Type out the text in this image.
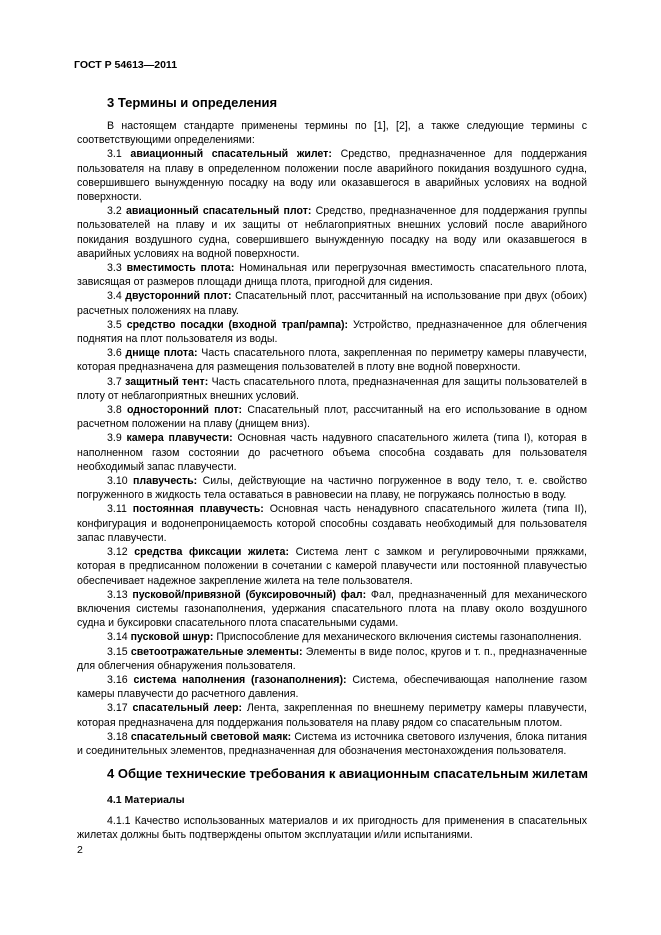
ГОСТ Р 54613—2011
3 Термины и определения

В настоящем стандарте применены термины по [1], [2], а также следующие термины с соответствующими определениями:

3.1 авиационный спасательный жилет: Средство, предназначенное для поддержания пользователя на плаву в определенном положении после аварийного покидания воздушного судна, совершившего вынужденную посадку на воду или оказавшегося в аварийных условиях на водной поверхности.

3.2 авиационный спасательный плот: Средство, предназначенное для поддержания группы пользователей на плаву и их защиты от неблагоприятных внешних условий после аварийного покидания воздушного судна, совершившего вынужденную посадку на воду или оказавшегося в аварийных условиях на водной поверхности.

3.3 вместимость плота: Номинальная или перегрузочная вместимость спасательного плота, зависящая от размеров площади днища плота, пригодной для сидения.

3.4 двусторонний плот: Спасательный плот, рассчитанный на использование при двух (обоих) расчетных положениях на плаву.

3.5 средство посадки (входной трап/рампа): Устройство, предназначенное для облегчения поднятия на плот пользователя из воды.

3.6 днище плота: Часть спасательного плота, закрепленная по периметру камеры плавучести, которая предназначена для размещения пользователей в плоту вне водной поверхности.

3.7 защитный тент: Часть спасательного плота, предназначенная для защиты пользователей в плоту от неблагоприятных внешних условий.

3.8 односторонний плот: Спасательный плот, рассчитанный на его использование в одном расчетном положении на плаву (днищем вниз).

3.9 камера плавучести: Основная часть надувного спасательного жилета (типа I), которая в наполненном газом состоянии до расчетного объема способна создавать для пользователя необходимый запас плавучести.

3.10 плавучесть: Силы, действующие на частично погруженное в воду тело, т. е. свойство погруженного в жидкость тела оставаться в равновесии на плаву, не погружаясь полностью в воду.

3.11 постоянная плавучесть: Основная часть ненадувного спасательного жилета (типа II), конфигурация и водонепроницаемость которой способны создавать необходимый для пользователя запас плавучести.

3.12 средства фиксации жилета: Система лент с замком и регулировочными пряжками, которая в предписанном положении в сочетании с камерой плавучести или постоянной плавучестью обеспечивает надежное закрепление жилета на теле пользователя.

3.13 пусковой/привязной (буксировочный) фал: Фал, предназначенный для механического включения системы газонаполнения, удержания спасательного плота на плаву около воздушного судна и буксировки спасательного плота спасательными судами.

3.14 пусковой шнур: Приспособление для механического включения системы газонаполнения.

3.15 светоотражательные элементы: Элементы в виде полос, кругов и т. п., предназначенные для облегчения обнаружения пользователя.

3.16 система наполнения (газонаполнения): Система, обеспечивающая наполнение газом камеры плавучести до расчетного давления.

3.17 спасательный леер: Лента, закрепленная по внешнему периметру камеры плавучести, которая предназначена для поддержания пользователя на плаву рядом со спасательным плотом.

3.18 спасательный световой маяк: Система из источника светового излучения, блока питания и соединительных элементов, предназначенная для обозначения местонахождения пользователя.

4 Общие технические требования к авиационным спасательным жилетам
4.1 Материалы

4.1.1 Качество использованных материалов и их пригодность для применения в спасательных жилетах должны быть подтверждены опытом эксплуатации и/или испытаниями.

2
